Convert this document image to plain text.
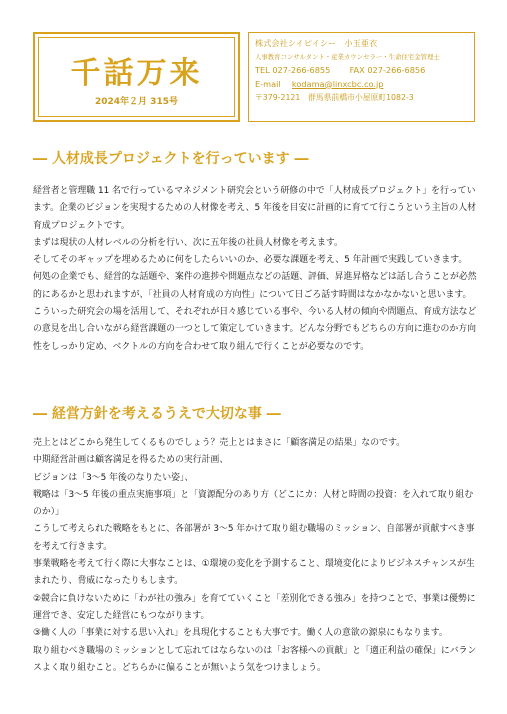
千話万来
2024年２月 315号
株式会社シイピイシー　小玉亜衣
人事教育コンサルタント・産業カウンセラー・生命住宅金管理士
TEL 027-266-6855 FAX 027-266-6856
E-mail kodama@linxcbc.co.jp
〒379-2121　群馬県前橋市小屋原町1082-3
― 人材成長プロジェクトを行っています ―

経営者と管理職 11 名で行っているマネジメント研究会という研修の中で「人材成長プロジェクト」を行っています。企業のビジョンを実現するための人材像を考え、5 年後を目安に計画的に育てて行こうという主旨の人材育成プロジェクトです。

まずは現状の人材レベルの分析を行い、次に五年後の社員人材像を考えます。

そしてそのギャップを埋めるために何をしたらいいのか、必要な課題を考え、5 年計画で実践していきます。

何処の企業でも、経営的な話題や、案件の進捗や問題点などの話題、評価、昇進昇格などは話し合うことが必然的にあるかと思われますが、「社員の人材育成の方向性」について日ごろ話す時間はなかなかないと思います。こういった研究会の場を活用して、それぞれが日々感じている事や、今いる人材の傾向や問題点、育成方法などの意見を出し合いながら経営課題の一つとして策定していきます。どんな分野でもどちらの方向に進むのか方向性をしっかり定め、ベクトルの方向を合わせて取り組んで行くことが必要なのです。

― 経営方針を考えるうえで大切な事 ―

売上とはどこから発生してくるものでしょう？売上とはまさに「顧客満足の結果」なのです。

中期経営計画は顧客満足を得るための実行計画、

ビジョンは「3～5 年後のなりたい姿」、

戦略は「3～5 年後の重点実施事項」と「資源配分のあり方（どこにカ：人材と時間の投資：を入れて取り組むのか）」

こうして考えられた戦略をもとに、各部署が 3～5 年かけて取り組む職場のミッション、自部署が貢献すべき事を考えて行きます。

事業戦略を考えて行く際に大事なことは、①環境の変化を予測すること、環境変化によりビジネスチャンスが生まれたり、脅威になったりもします。

②競合に負けないために「わが社の強み」を育てていくこと「差別化できる強み」を持つことで、事業は優勢に運営でき、安定した経営にもつながります。

③働く人の「事業に対する思い入れ」を具現化することも大事です。働く人の意欲の源泉にもなります。

取り組むべき職場のミッションとして忘れてはならないのは「お客様への貢献」と「適正利益の確保」にバランスよく取り組むこと。どちらかに偏ることが無いよう気をつけましょう。
